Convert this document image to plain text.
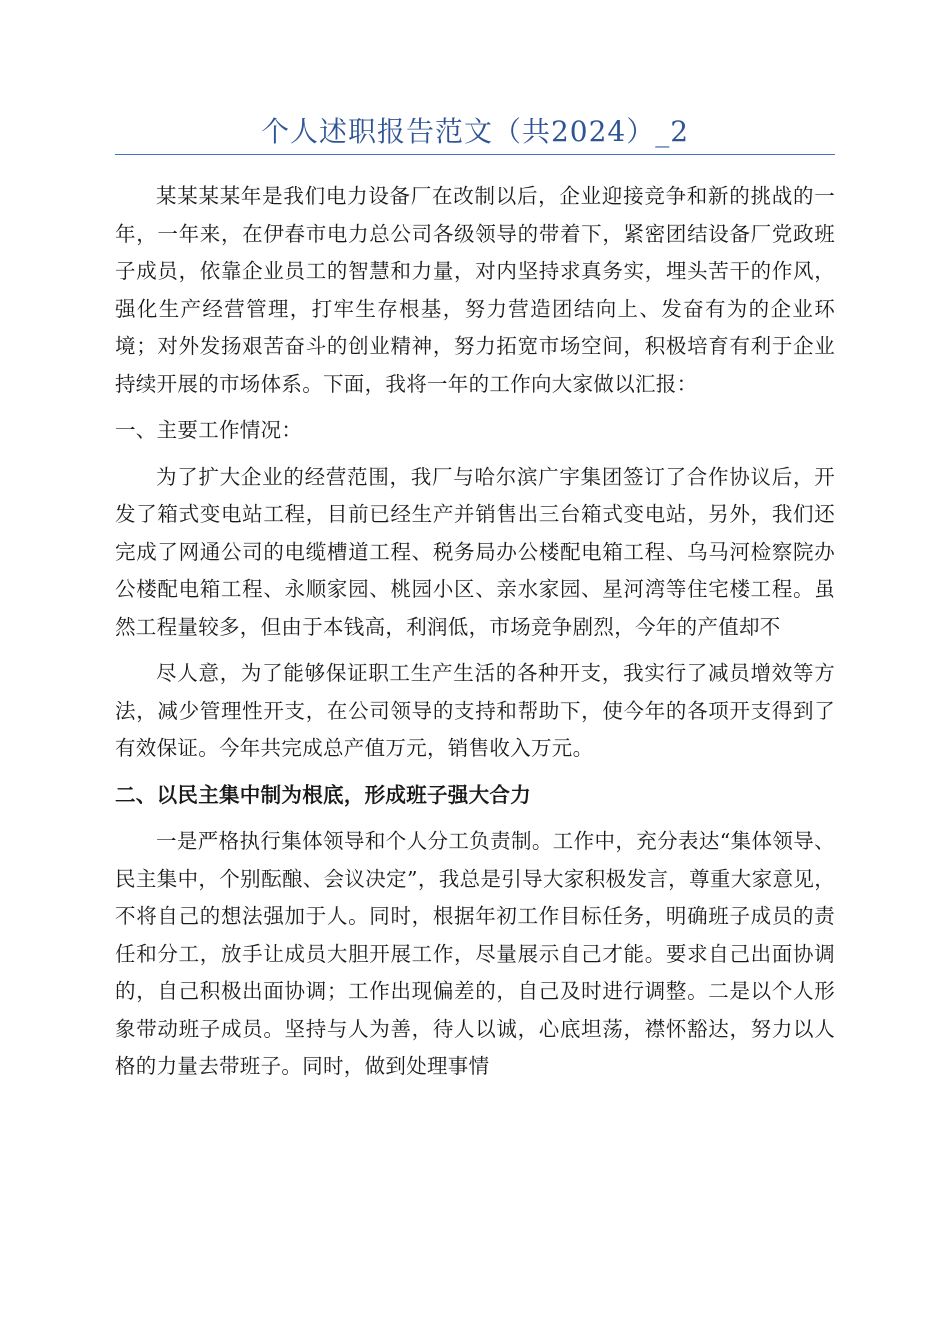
个人述职报告范文（共2024）_2

某某某某年是我们电力设备厂在改制以后，企业迎接竞争和新的挑战的一年，一年来，在伊春市电力总公司各级领导的带着下，紧密团结设备厂党政班子成员，依靠企业员工的智慧和力量，对内坚持求真务实，埋头苦干的作风，强化生产经营管理，打牢生存根基，努力营造团结向上、发奋有为的企业环境；对外发扬艰苦奋斗的创业精神，努力拓宽市场空间，积极培育有利于企业持续开展的市场体系。下面，我将一年的工作向大家做以汇报：

一、主要工作情况：

为了扩大企业的经营范围，我厂与哈尔滨广宇集团签订了合作协议后，开发了箱式变电站工程，目前已经生产并销售出三台箱式变电站，另外，我们还完成了网通公司的电缆槽道工程、税务局办公楼配电箱工程、乌马河检察院办公楼配电箱工程、永顺家园、桃园小区、亲水家园、星河湾等住宅楼工程。虽然工程量较多，但由于本钱高，利润低，市场竞争剧烈，今年的产值却不

尽人意，为了能够保证职工生产生活的各种开支，我实行了减员增效等方法，减少管理性开支，在公司领导的支持和帮助下，使今年的各项开支得到了有效保证。今年共完成总产值万元，销售收入万元。

二、以民主集中制为根底，形成班子强大合力

一是严格执行集体领导和个人分工负责制。工作中，充分表达“集体领导、民主集中，个别酝酿、会议决定”，我总是引导大家积极发言，尊重大家意见，不将自己的想法强加于人。同时，根据年初工作目标任务，明确班子成员的责任和分工，放手让成员大胆开展工作，尽量展示自己才能。要求自己出面协调的，自己积极出面协调；工作出现偏差的，自己及时进行调整。二是以个人形象带动班子成员。坚持与人为善，待人以诚，心底坦荡，襟怀豁达，努力以人格的力量去带班子。同时，做到处理事情
